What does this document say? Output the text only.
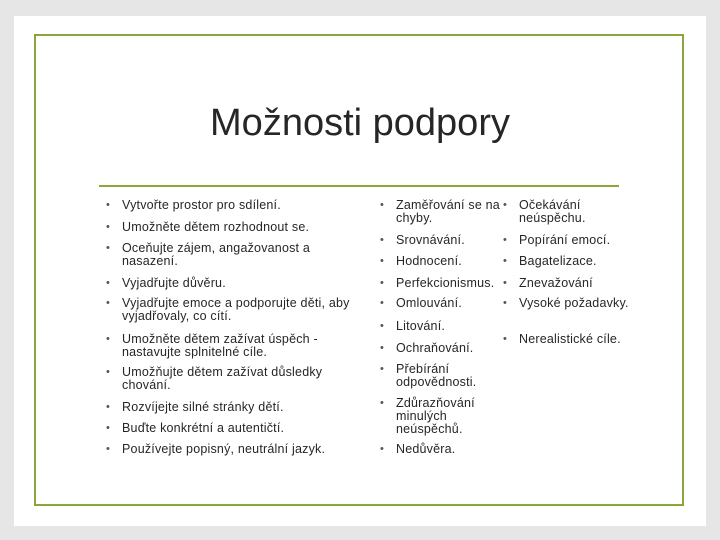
Možnosti podpory
• Vytvořte prostor pro sdílení.
• Umožněte dětem rozhodnout se.
• Oceňujte zájem, angažovanost a nasazení.
• Vyjadřujte důvěru.
• Vyjadřujte emoce a podporujte děti, aby vyjadřovaly, co cítí.
• Umožněte dětem zažívat úspěch - nastavujte splnitelné cíle.
• Umožňujte dětem zažívat důsledky chování.
• Rozvíjejte silné stránky dětí.
• Buďte konkrétní a autentičtí.
• Používejte popisný, neutrální jazyk.
• Zaměřování se na chyby.
• Srovnávání.
• Hodnocení.
• Perfekcionismus.
• Omlouvání.
• Litování.
• Ochraňování.
• Přebírání odpovědnosti.
• Zdůrazňování minulých neúspěchů.
• Nedůvěra.
• Očekávání neúspěchu.
• Popírání emocí.
• Bagatelizace.
• Znevažování
• Vysoké požadavky.
• Nerealistické cíle.
